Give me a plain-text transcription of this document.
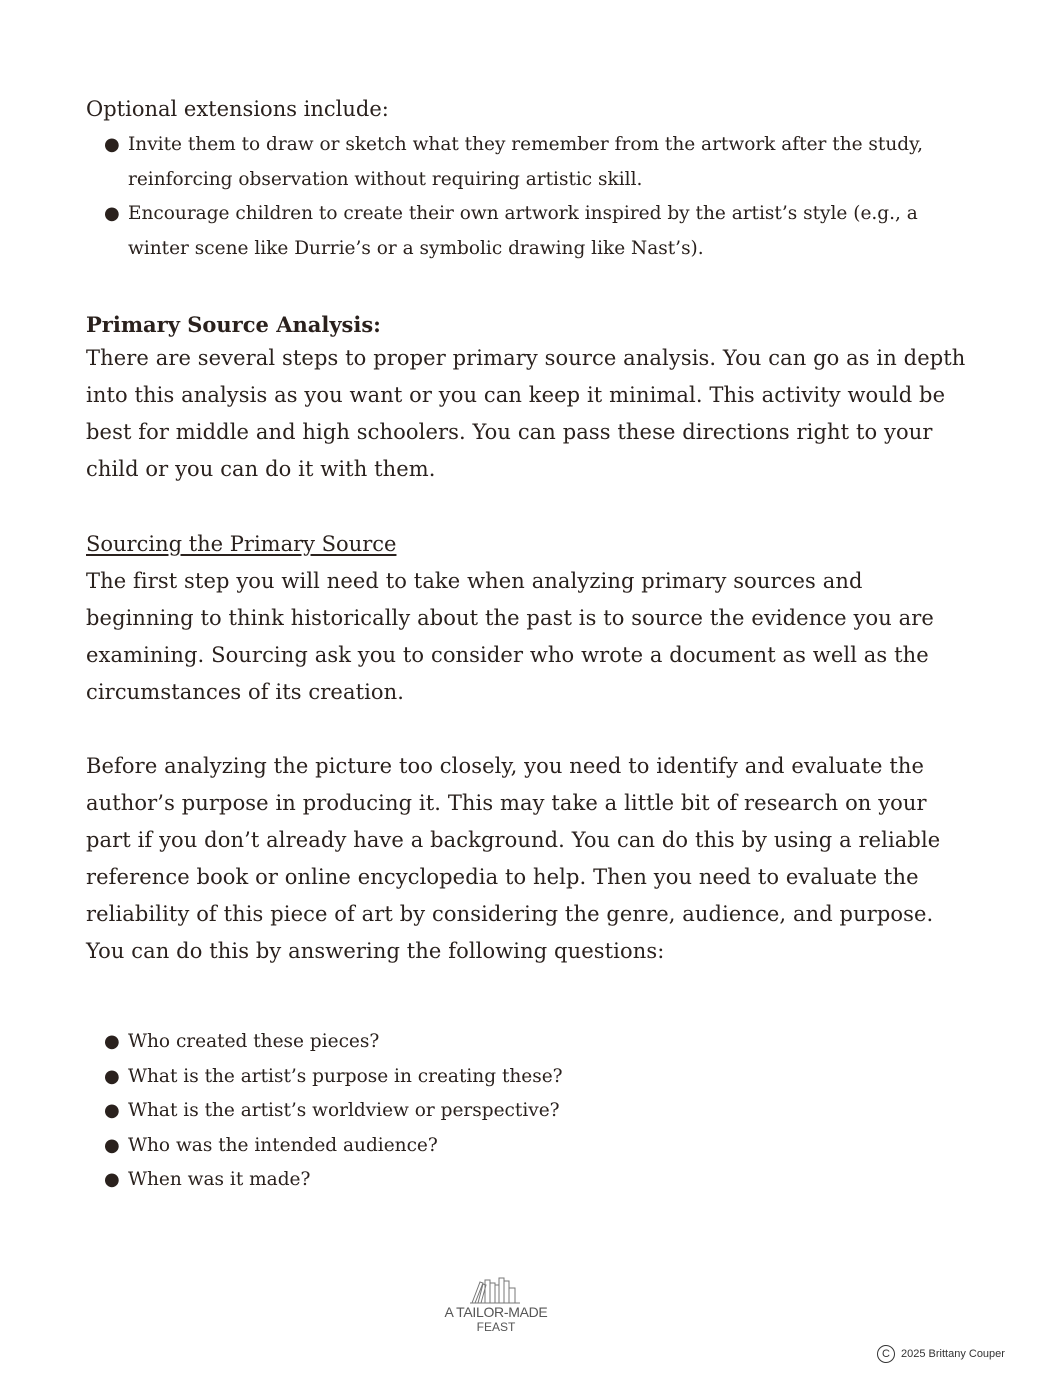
Optional extensions include:

● Invite them to draw or sketch what they remember from the artwork after the study, reinforcing observation without requiring artistic skill.
● Encourage children to create their own artwork inspired by the artist’s style (e.g., a winter scene like Durrie’s or a symbolic drawing like Nast’s).
Primary Source Analysis:

There are several steps to proper primary source analysis. You can go as in depth into this analysis as you want or you can keep it minimal. This activity would be best for middle and high schoolers. You can pass these directions right to your child or you can do it with them.

Sourcing the Primary Source

The first step you will need to take when analyzing primary sources and beginning to think historically about the past is to source the evidence you are examining. Sourcing ask you to consider who wrote a document as well as the circumstances of its creation.

Before analyzing the picture too closely, you need to identify and evaluate the author’s purpose in producing it. This may take a little bit of research on your part if you don’t already have a background. You can do this by using a reliable reference book or online encyclopedia to help. Then you need to evaluate the reliability of this piece of art by considering the genre, audience, and purpose. You can do this by answering the following questions:

● Who created these pieces?
● What is the artist’s purpose in creating these?
● What is the artist’s worldview or perspective?
● Who was the intended audience?
● When was it made?
A TAILOR-MADE
FEAST
C	2025 Brittany Couper
